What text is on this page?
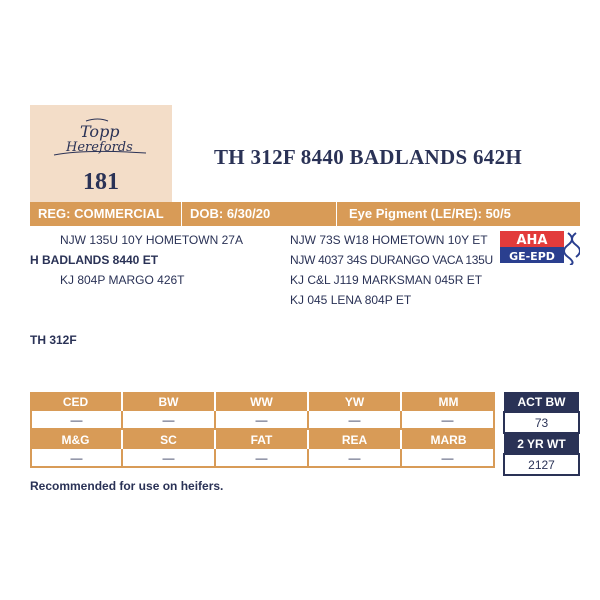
Topp
Herefords
181
TH 312F 8440 BADLANDS 642H
REG: COMMERCIAL	DOB: 6/30/20	Eye Pigment (LE/RE): 50/5
NJW 135U 10Y HOMETOWN 27A
H BADLANDS 8440 ET
KJ 804P MARGO 426T
NJW 73S W18 HOMETOWN 10Y ET
NJW 4037 34S DURANGO VACA 135U
KJ C&L J119 MARKSMAN 045R ET
KJ 045 LENA 804P ET
AHA
GE-EPD
TH 312F
CED	BW	WW	YW	MM
—	—	—	—	—
M&G	SC	FAT	REA	MARB
—	—	—	—	—
ACT BW
73
2 YR WT
2127
Recommended for use on heifers.
